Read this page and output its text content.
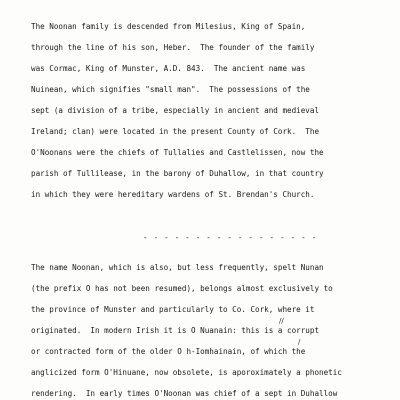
The Noonan family is descended from Milesius, King of Spain,
through the line of his son, Heber.  The founder of the family
was Cormac, King of Munster, A.D. 843.  The ancient name was
Nuinean, which signifies "small man".  The possessions of the
sept (a division of a tribe, especially in ancient and medieval
Ireland; clan) were located in the present County of Cork.  The
O'Noonans were the chiefs of Tullalies and Castlelissen, now the
parish of Tullilease, in the barony of Duhallow, in that country
in which they were hereditary wardens of St. Brendan's Church.
- - - - - - - - - - - - - - - - -
The name Noonan, which is also, but less frequently, spelt Nunan
(the prefix O has not been resumed), belongs almost exclusively to
the province of Munster and particularly to Co. Cork, where it
//
originated.  In modern Irish it is O Nuanain: this is a corrupt
/
or contracted form of the older O h-Iomhainain, of which the
anglicized form O'Hinuane, now obsolete, is aporoximately a phonetic
rendering.  In early times O'Noonan was chief of a sept in Duhallow
